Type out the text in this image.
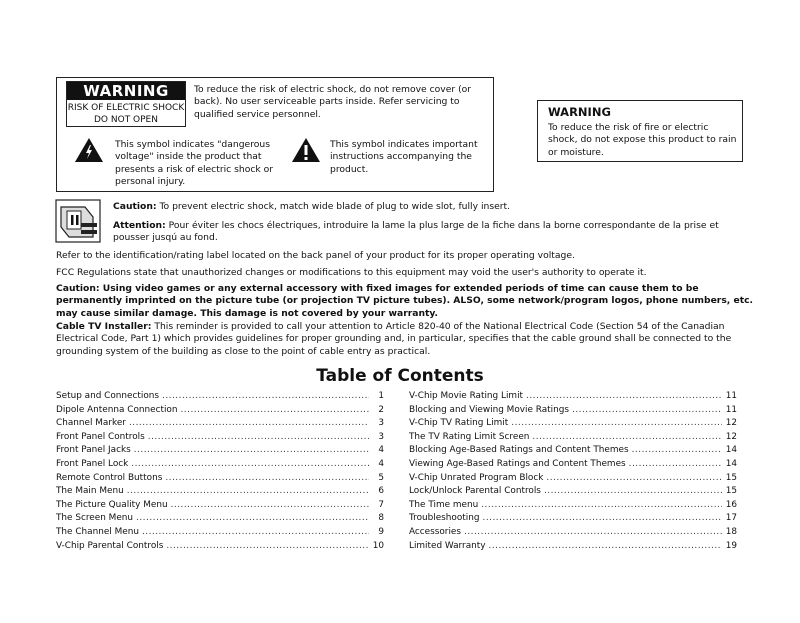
WARNING
RISK OF ELECTRIC SHOCK
DO NOT OPEN
To reduce the risk of electric shock, do not remove cover (or back). No user serviceable parts inside. Refer servicing to qualified service personnel.
This symbol indicates "dangerous voltage" inside the product that presents a risk of electric shock or personal injury.
This symbol indicates important instructions accompanying the product.
WARNING
To reduce the risk of fire or electric shock, do not expose this product to rain or moisture.
Caution: To prevent electric shock, match wide blade of plug to wide slot, fully insert.
Attention: Pour éviter les chocs électriques, introduire la lame la plus large de la fiche dans la borne correspondante de la prise et pousser jusqú au fond.
Refer to the identification/rating label located on the back panel of your product for its proper operating voltage.
FCC Regulations state that unauthorized changes or modifications to this equipment may void the user's authority to operate it.
Caution: Using video games or any external accessory with fixed images for extended periods of time can cause them to be permanently imprinted on the picture tube (or projection TV picture tubes). ALSO, some network/program logos, phone numbers, etc. may cause similar damage. This damage is not covered by your warranty.
Cable TV Installer: This reminder is provided to call your attention to Article 820-40 of the National Electrical Code (Section 54 of the Canadian Electrical Code, Part 1) which provides guidelines for proper grounding and, in particular, specifies that the cable ground shall be connected to the grounding system of the building as close to the point of cable entry as practical.
Table of Contents
Setup and Connections .....	1
Dipole Antenna Connection .....	2
Channel Marker .....	3
Front Panel Controls .....	3
Front Panel Jacks .....	4
Front Panel Lock .....	4
Remote Control Buttons .....	5
The Main Menu .....	6
The Picture Quality Menu .....	7
The Screen Menu .....	8
The Channel Menu .....	9
V-Chip Parental Controls .....	10
V-Chip Movie Rating Limit .....	11
Blocking and Viewing Movie Ratings .....	11
V-Chip TV Rating Limit .....	12
The TV Rating Limit Screen .....	12
Blocking Age-Based Ratings and Content Themes .....	14
Viewing Age-Based Ratings and Content Themes .....	14
V-Chip Unrated Program Block .....	15
Lock/Unlock Parental Controls .....	15
The Time menu .....	16
Troubleshooting .....	17
Accessories .....	18
Limited Warranty .....	19
